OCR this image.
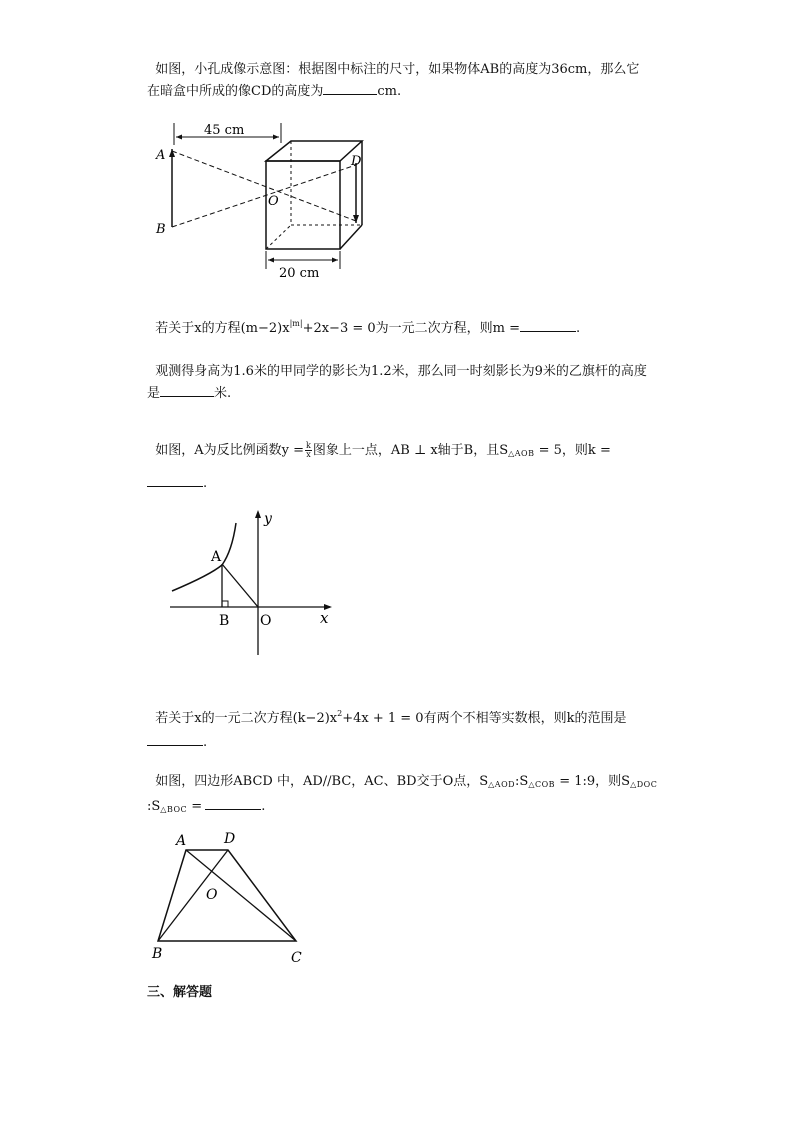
如图，小孔成像示意图：根据图中标注的尺寸，如果物体AB的高度为36cm，那么它
在暗盒中所成的像CD的高度为	cm.
45 cm
A
B
O
D
20 cm
若关于x的方程$(m-2)x^{|m|}+2x-3 = 0$为一元二次方程，则m =	.
观测得身高为1.6米的甲同学的影长为1.2米，那么同一时刻影长为9米的乙旗杆的高度
是	米.
如图，A为反比例函数$y = \frac{k}{x}$ 图象上一点，AB ⊥ x轴于B，且$S_{\triangle AOB} = 5$，则k =
.
y
x
A
B O
若关于x的一元二次方程$(k-2)x^2+4x + 1 = 0$有两个不相等实数根，则k的范围是
.
如图，四边形ABCD 中，AD//BC，AC、BD交于O点，$S_{\triangle AOD}:S_{\triangle COB}$ = 1:9，则$S_{\triangle DOC}$
$:S_{\triangle BOC}$ =	.
A	D
O
B	C
三、解答题
